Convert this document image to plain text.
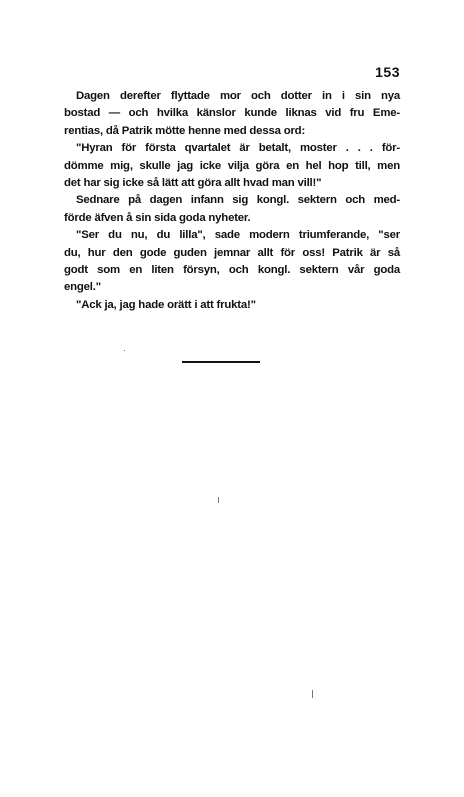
153
Dagen derefter flyttade mor och dotter in i sin nya
bostad — och hvilka känslor kunde liknas vid fru Eme-
rentias, då Patrik mötte henne med dessa ord:
"Hyran för första qvartalet är betalt, moster . . . för-
dömme mig, skulle jag icke vilja göra en hel hop till, men
det har sig icke så lätt att göra allt hvad man vill!"
Sednare på dagen infann sig kongl. sektern och med-
förde äfven å sin sida goda nyheter.
"Ser du nu, du lilla", sade modern triumferande, "ser
du, hur den gode guden jemnar allt för oss! Patrik är så
godt som en liten försyn, och kongl. sektern vår goda
engel."
"Ack ja, jag hade orätt i att frukta!"
